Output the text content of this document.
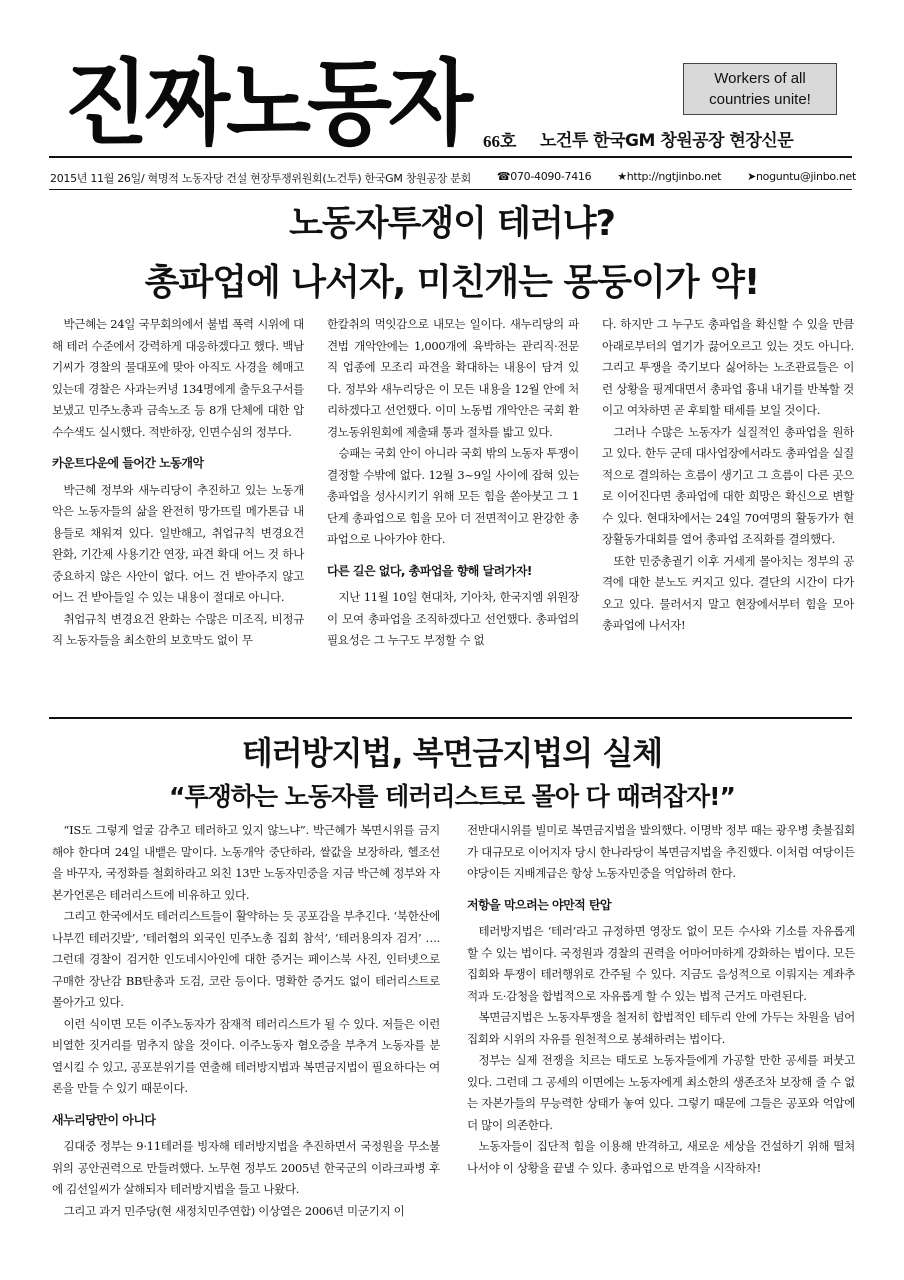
진짜노동자	Workers of all
countries unite!
66호 노건투 한국GM 창원공장 현장신문
2015년 11월 26일/ 혁명적 노동자당 건설 현장투쟁위원회(노건투) 한국GM 창원공장 분회 ☎070-4090-7416 ★http://ngtjinbo.net ➤noguntu@jinbo.net
노동자투쟁이 테러냐?
총파업에 나서자, 미친개는 몽둥이가 약!

박근혜는 24일 국무회의에서 불법 폭력 시위에 대해 테러 수준에서 강력하게 대응하겠다고 했다. 백남기씨가 경찰의 물대포에 맞아 아직도 사경을 헤매고 있는데 경찰은 사과는커녕 134명에게 출두요구서를 보냈고 민주노총과 금속노조 등 8개 단체에 대한 압수수색도 실시했다. 적반하장, 인면수심의 정부다.

카운트다운에 들어간 노동개악

박근혜 정부와 새누리당이 추진하고 있는 노동개악은 노동자들의 삶을 완전히 망가뜨릴 메가톤급 내용들로 채워져 있다. 일반해고, 취업규칙 변경요건 완화, 기간제 사용기간 연장, 파견 확대 어느 것 하나 중요하지 않은 사안이 없다. 어느 건 받아주지 않고 어느 건 받아들일 수 있는 내용이 절대로 아니다.

취업규칙 변경요건 완화는 수많은 미조직, 비정규직 노동자들을 최소한의 보호막도 없이 무

한칼취의 먹잇감으로 내모는 일이다. 새누리당의 파견법 개악안에는 1,000개에 육박하는 관리직·전문직 업종에 모조리 파견을 확대하는 내용이 담겨 있다. 정부와 새누리당은 이 모든 내용을 12월 안에 처리하겠다고 선언했다. 이미 노동법 개악안은 국회 환경노동위원회에 제출돼 통과 절차를 밟고 있다.

승패는 국회 안이 아니라 국회 밖의 노동자 투쟁이 결정할 수밖에 없다. 12월 3~9일 사이에 잡혀 있는 총파업을 성사시키기 위해 모든 힘을 쏟아붓고 그 1단계 총파업으로 힘을 모아 더 전면적이고 완강한 총파업으로 나아가야 한다.

다른 길은 없다, 총파업을 향해 달려가자!

지난 11월 10일 현대차, 기아차, 한국지엠 위원장이 모여 총파업을 조직하겠다고 선언했다. 총파업의 필요성은 그 누구도 부정할 수 없

다. 하지만 그 누구도 총파업을 확신할 수 있을 만큼 아래로부터의 열기가 끓어오르고 있는 것도 아니다. 그리고 투쟁을 죽기보다 싫어하는 노조관료들은 이런 상황을 핑계대면서 총파업 흉내 내기를 반복할 것이고 여차하면 곧 후퇴할 태세를 보일 것이다.

그러나 수많은 노동자가 실질적인 총파업을 원하고 있다. 한두 군데 대사업장에서라도 총파업을 실질적으로 결의하는 흐름이 생기고 그 흐름이 다른 곳으로 이어진다면 총파업에 대한 희망은 확신으로 변할 수 있다. 현대차에서는 24일 70여명의 활동가가 현장활동가대회를 열어 총파업 조직화를 결의했다.

또한 민중총궐기 이후 거세게 몰아치는 정부의 공격에 대한 분노도 커지고 있다. 결단의 시간이 다가오고 있다. 물러서지 말고 현장에서부터 힘을 모아 총파업에 나서자!

테러방지법, 복면금지법의 실체
“투쟁하는 노동자를 테러리스트로 몰아 다 때려잡자!”

“IS도 그렇게 얼굴 감추고 테러하고 있지 않느냐”. 박근혜가 복면시위를 금지해야 한다며 24일 내뱉은 말이다. 노동개악 중단하라, 쌀값을 보장하라, 헬조선을 바꾸자, 국정화를 철회하라고 외친 13만 노동자민중을 지금 박근혜 정부와 자본가언론은 테러리스트에 비유하고 있다.

그리고 한국에서도 테러리스트들이 활약하는 듯 공포감을 부추긴다. ‘북한산에 나부낀 테러깃발’, ‘테러혐의 외국인 민주노총 집회 참석’, ‘테러용의자 검거’ …. 그런데 경찰이 검거한 인도네시아인에 대한 증거는 페이스북 사진, 인터넷으로 구매한 장난감 BB탄총과 도검, 코란 등이다. 명확한 증거도 없이 테러리스트로 몰아가고 있다.

이런 식이면 모든 이주노동자가 잠재적 테러리스트가 될 수 있다. 저들은 이런 비열한 짓거리를 멈추지 않을 것이다. 이주노동자 혐오증을 부추겨 노동자를 분열시킬 수 있고, 공포분위기를 연출해 테러방지법과 복면금지법이 필요하다는 여론을 만들 수 있기 때문이다.

새누리당만이 아니다

김대중 정부는 9·11테러를 빙자해 테러방지법을 추진하면서 국정원을 무소불위의 공안권력으로 만들려했다. 노무현 정부도 2005년 한국군의 이라크파병 후에 김선일씨가 살해되자 테러방지법을 들고 나왔다.

그리고 과거 민주당(현 새정치민주연합) 이상열은 2006년 미군기지 이

전반대시위를 빌미로 복면금지법을 발의했다. 이명박 정부 때는 광우병 촛불집회가 대규모로 이어지자 당시 한나라당이 복면금지법을 추진했다. 이처럼 여당이든 야당이든 지배계급은 항상 노동자민중을 억압하려 한다.

저항을 막으려는 야만적 탄압

테러방지법은 ‘테러’라고 규정하면 영장도 없이 모든 수사와 기소를 자유롭게 할 수 있는 법이다. 국정원과 경찰의 권력을 어마어마하게 강화하는 법이다. 모든 집회와 투쟁이 테러행위로 간주될 수 있다. 지금도 음성적으로 이뤄지는 계좌추적과 도·감청을 합법적으로 자유롭게 할 수 있는 법적 근거도 마련된다.

복면금지법은 노동자투쟁을 철저히 합법적인 테두리 안에 가두는 차원을 넘어 집회와 시위의 자유를 원천적으로 봉쇄하려는 법이다.

정부는 실제 전쟁을 치르는 태도로 노동자들에게 가공할 만한 공세를 퍼붓고 있다. 그런데 그 공세의 이면에는 노동자에게 최소한의 생존조차 보장해 줄 수 없는 자본가들의 무능력한 상태가 놓여 있다. 그렇기 때문에 그들은 공포와 억압에 더 많이 의존한다.

노동자들이 집단적 힘을 이용해 반격하고, 새로운 세상을 건설하기 위해 떨쳐나서야 이 상황을 끝낼 수 있다. 총파업으로 반격을 시작하자!
